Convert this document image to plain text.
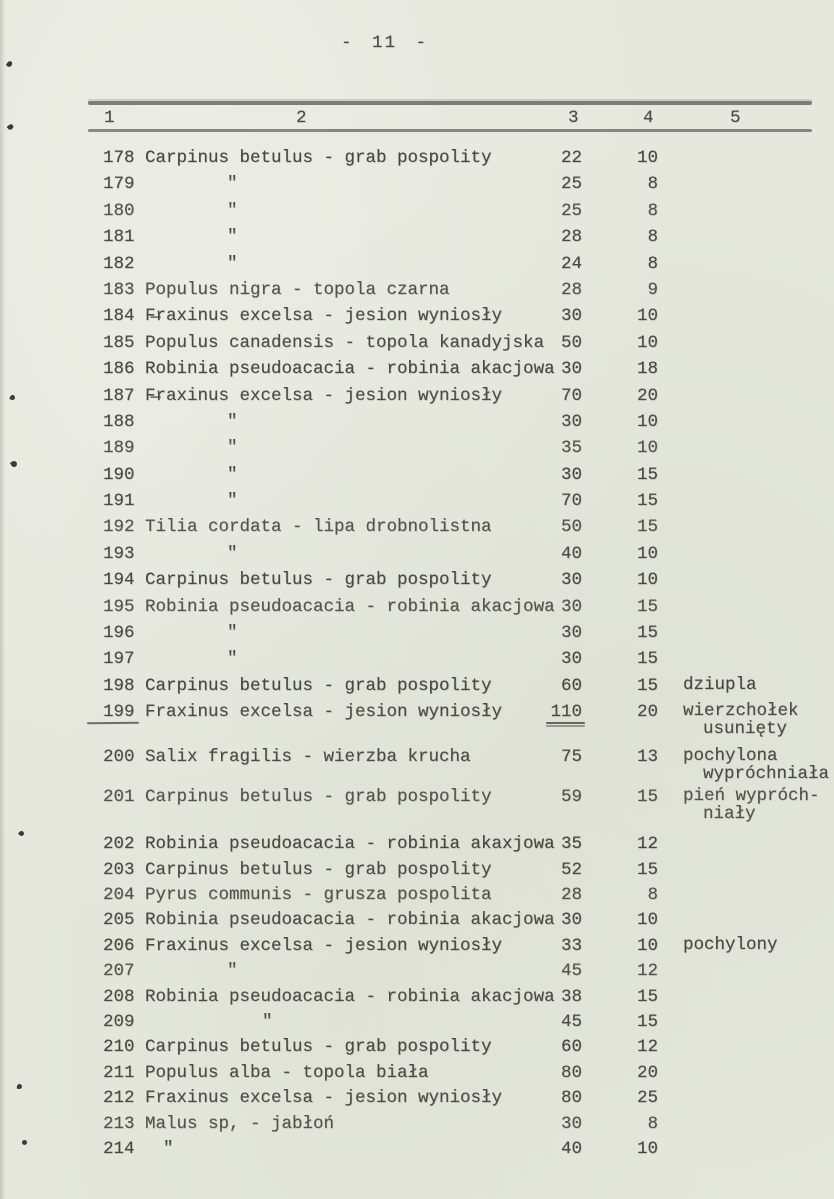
- 11 -
1	2	3	4	5
178 Carpinus betulus - grab pospolity	22	10
179	"	25	8
180	"	25	8
181	"	28	8
182	"	24	8
183 Populus nigra - topola czarna	28	9
184 F̶raxinus excelsa - jesion wyniosły	30	10
185 Populus canadensis - topola kanadyjska 50	10
186 Robinia pseudoacacia - robinia akacjowa 30	18
187 F̶raxinus excelsa - jesion wyniosły	70	20
188	"	30	10
189	"	35	10
190	"	30	15
191	"	70	15
192 Tilia cordata - lipa drobnolistna	50	15
193	"	40	10
194 Carpinus betulus - grab pospolity	30	10
195 Robinia pseudoacacia - robinia akacjowa 30	15
196	"	30	15
197	"	30	15
198 Carpinus betulus - grab pospolity	60	15 dziupla
199 Fraxinus excelsa - jesion wyniosły	110	20 wierzchołek
usunięty
200 Salix fragilis - wierzba krucha	75	13 pochylona
wypróchniała
201 Carpinus betulus - grab pospolity	59	15 pień wypróch-
niały
202 Robinia pseudoacacia - robinia akaxjowa 35	12
203 Carpinus betulus - grab pospolity	52	15
204 Pyrus communis - grusza pospolita	28	8
205 Robinia pseudoacacia - robinia akacjowa 30	10
206 Fraxinus excelsa - jesion wyniosły	33	10 pochylony
207	"	45	12
208 Robinia pseudoacacia - robinia akacjowa 38	15
209	"	45	15
210 Carpinus betulus - grab pospolity	60	12
211 Populus alba - topola biała	80	20
212 Fraxinus excelsa - jesion wyniosły	80	25
213 Malus sp, - jabłoń	30	8
214	"	40	10
